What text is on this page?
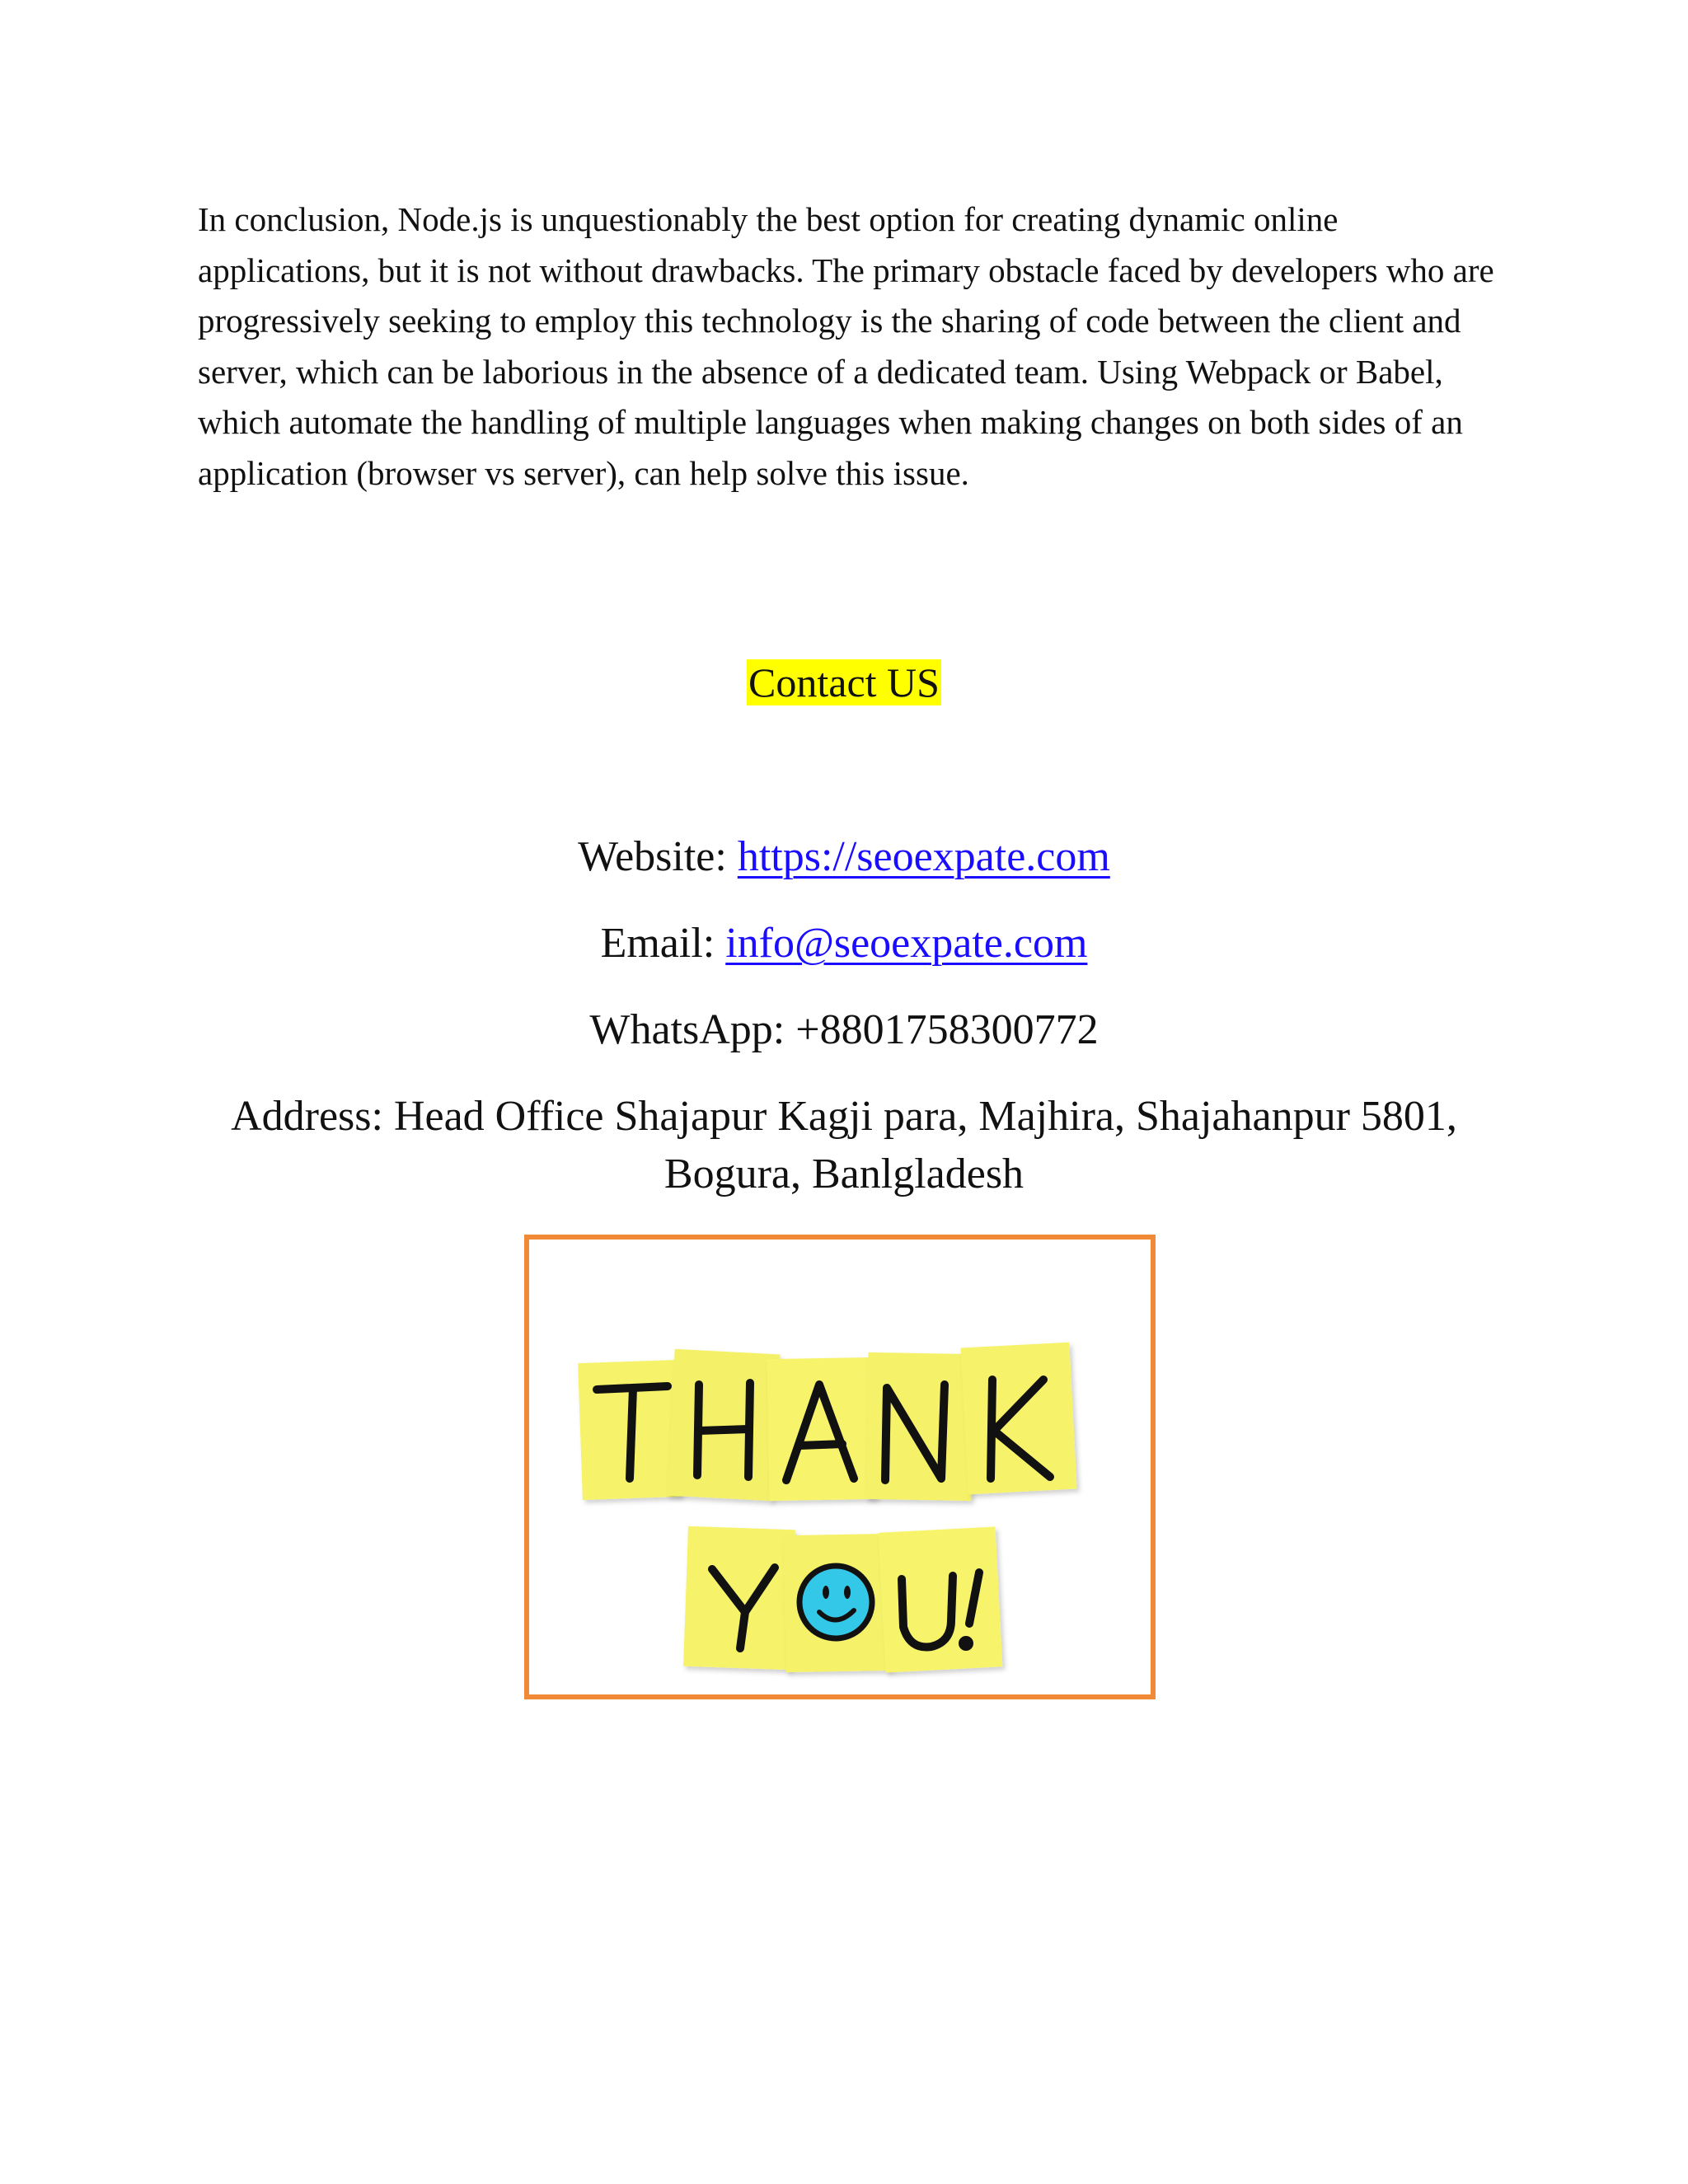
In conclusion, Node.js is unquestionably the best option for creating dynamic online applications, but it is not without drawbacks. The primary obstacle faced by developers who are progressively seeking to employ this technology is the sharing of code between the client and server, which can be laborious in the absence of a dedicated team. Using Webpack or Babel, which automate the handling of multiple languages when making changes on both sides of an application (browser vs server), can help solve this issue.

Contact US

Website: https://seoexpate.com

Email: info@seoexpate.com

WhatsApp: +8801758300772

Address: Head Office Shajapur Kagji para, Majhira, Shajahanpur 5801, Bogura, Banlgladesh
